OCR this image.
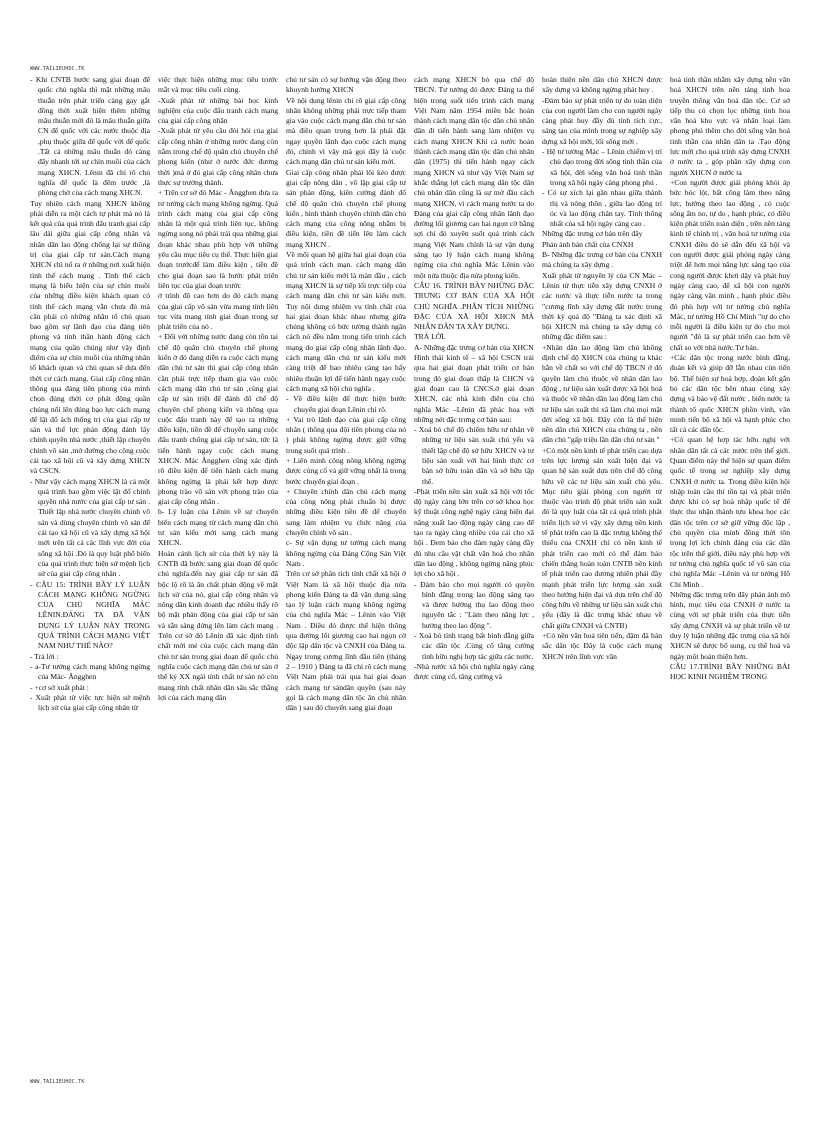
WWW.TAILIEUHOC.TK

- Khi CNTB bước sang giai đoạn đế quốc chủ nghĩa thì mặt những mâu thuẫn trên phát triển càng gay gắt đồng thời xuất hiện thêm những mâu thuẫn mới đó là mâu thuẫn giữa CN đế quốc với các nước thuộc địa ,phụ thuộc giữa đế quốc với đế quốc .Tất cả những mâu thuẫn đó càng đẩy nhanh tới sự chín muồi của cách mạng XHCN. Lênin đã chỉ rõ chủ nghĩa đế quốc là đêm trước ,là phòng chờ của cách mạng XHCN.

Tuy nhiên cách mạng XHCN không phải diễn ra một cách tự phát mà nó là kết quả của quá trình đấu tranh giai cấp lâu dài giữa giai cấp công nhân và nhân dân lao động chống lại sự thống trị của giai cấp tư sản.Cách mạng XHCN chỉ nổ ra ở những nơi xuất hiện tình thế cách mạng . Tình thế cách mạng là biểu hiện của sự chín muồi của những điều kiện khách quan có tính thế cách mạng vẫn chưa đủ mà cần phải có những nhân tố chủ quan bao gồm sự lãnh đạo của đảng tiên phong và tính thần hành động cách mạng của quần chúng như vậy định điểm của sự chín muồi của những nhân tố khách quan và chủ quan sẽ dựa đến thời cơ cách mạng. Giai cấp công nhân thông qua đảng tiên phong của mình chọn đúng thời cơ phát động quần chúng nổi lên đúng bạo lực cách mạng để lật đổ ách thống trị của giai cấp tư sản và thể lực phản động đánh lấy chính quyền nhà nước ,thiết lập chuyên chính vô sản ,mở đường cho công cuộc cải tạo xã hội cũ và xây dựng XHCN và CSCN.

- Như vậy cách mạng XHCN là cả một quá trình bao gồm việc lật đổ chính quyền nhà nước của giai cấp tư sản . Thiết lập nhà nước chuyên chính vô sản và dùng chuyên chính vô sản để cải tạo xã hội cũ và xây dựng xã hội mới trên tất cả các lĩnh vực đời của sống xã hội .Đó là quy luật phổ biến của quá trình thực hiện sứ mệnh lịch sử của giai cấp công nhân .

- CÂU 15: TRÌNH BẦY LÝ LUẬN CÁCH MẠNG KHÔNG NGỪNG CỦA CHỦ NGHĨA MÁC LÊNIN.ĐẢNG TA ĐÃ VẬN DỤNG LÝ LUẬN NÀY TRONG QUÁ TRÌNH CÁCH MẠNG VIỆT NAM NHƯ THẾ NÀO?

- Trả lời :

- a-Tư tưởng cách mạng không ngừng của Mác- Ăngghen

- +cơ sở xuất phát :

- Xuất phát từ việc tực hiện sứ mệnh lịch sử của giai cấp công nhân từ

việc thực hiện những mục tiêu trước mắt và mục tiêu cuối cùng.

-Xuất phát từ những bài học kinh nghiệm của cuộc đấu tranh cách mạng của giai cấp công nhân

-Xuất phát từ yêu cầu đòi hỏi của giai cấp công nhân ở những nước đang còn nằm trong chế độ quân chủ chuyên chế phong kiến (như ở nước đức đương thời )mà ở đó giai cấp công nhân chưa thực sự trưởng thành.

+ Trên cơ sở đó Mác - Ăngghen đưa ra tư tưởng cách mạng không ngừng. Quá trình cách mạng của giai cấp công nhân là một quá trình liên tục, không ngừng song nó phải trải qua những giai đoạn khác nhau phù hợp với những yêu cầu mục tiêu cụ thể. Thực hiện giai đoạn trướcđể làm điều kiện , tiền đề cho giai đoạn sau là bước phát triển liên tục của giai đoạn trước

ở trình độ cao hơn do đó cách mạng của giai cấp vô sản vừa mang tính liên tục vừa mang tính giai đoạn trong sự phát triển của nó .

+ Đối với những nước đang còn tồn tại chế độ quân chủ chuyên chế phong kiến ở đó đang diễn ra cuộc cách mạng dân chủ tư sản thì giai cấp công nhân cần phải trực tiếp tham gia vào cuộc cách mạng dân chủ tư sản ,cùng giai cấp tư sản triệt để đánh đổ chế độ chuyên chế phong kiến và thông qua cuộc đấu tranh này để tạo ra những điều kiện, tiền đề để chuyển sang cuộc đấu tranh chống giai cấp tư sản, tức là tiến hành ngay cuộc cách mạng XHCN. Mác Ăngghen cũng xác định rõ điều kiện để tiến hành cách mạng không ngừng là phải kết hợp được phong trào vô sản với phong trào của giai cấp công nhân .

b- Lý luận của Lênin về sự chuyển biến cách mạng từ cách mạng dân chủ tư sản kiểu mới sang cách mạng XHCN.

Hoàn cảnh lịch sử của thời kỳ này là CNTB đã bước sang giai đoạn đế quốc chủ nghĩa.đến nay giai cấp tư sản đã bộc lộ rõ là ăn chất phản động về mặt lịch sử của nó, giai cấp công nhân và nông dân kinh doanh đạc nhiều thấy rõ bộ mặt phản động của giai cấp tư sản và sẵn sàng đứng lên làm cách mạng . Trên cơ sở đó Lênin đã xác định tính chất mới mẻ của cuộc cách mạng dân chủ tư sản trong giai đoạn đế quốc chủ nghĩa cuộc cách mạng dân chủ tư sản ở thế kỷ XX ngài tính chất tư sản nó còn mang tính chất nhân dân sâu sắc thắng lợi của cách mạng dân

chủ tư sản có sự hướng vận động theo khuynh hướng XHCN

Về nội dung lênin chỉ rõ giai cấp công nhân không những phải trực tiếp tham gia vào cuộc cách mạng dân chủ tư sản mà điều quan trọng hơn là phải đặt ngay quyền lãnh đạo cuộc cách mạng đó, chính vì vậy mà gọi đây là cuộc cách mạng dân chủ tư sản kiểu mới.

Giai cấp công nhân phải lôi kéo được giai cấp nông dân , vô lập giai cấp tư sản phản động, kiên cường đánh đổ chế độ quân chủ chuyên chế phong kiến , hình thành chuyên chính dân chủ cách mạng của công nông nhằm bị điều kiện, tiền đề tiến lên làm cách mạng XHCN .

Về mối quan hệ giữa hai giai đoạn của quá trình cách mạn. cách mạng dân chủ tư sản kiểu mới là màn đầu , cách mạng XHCN là sự tiếp lối trực tiếp của cách mạng dân chủ tư sản kiểu mới. Tuy nội dung nhiệm vụ tính chất của hai giai đoạn khác nhau nhưng giữa chúng không có bức tường thành ngăn cách nó đều nằm trong tiến trình cách mạng do giai cấp công nhân lãnh đạo. cách mạng dân chủ tư sản kiểu mới càng triệt để bao nhiêu càng tạo bấy nhiêu thuận lợi để tiến hành ngay cuộc cách mạng xã hội chủ nghĩa .

- Về điều kiện để thực hiện bước chuyển giai đoạn Lênin chỉ rõ.

+ Vai trò lãnh đạo của giai cấp công nhân ( thông qua đội tiên phong của nó ) phải không ngừng được giữ vững trong suốt quá trình .

+ Liên minh công nông không ngừng được củng cố và giữ vững nhất là trong bước chuyển giai đoạn .

+ Chuyên chính dân chủ cách mạng của công nông phải chuẩn bị được những điều kiện tiền đề để chuyển sang làm nhiệm vụ chức năng của chuyên chính vô sản .

c- Sự vận dụng tư tưởng cách mạng không ngừng của Đảng Cộng Sản Việt Nam .

Trên cơ sở phân tích tính chất xã hội ở Việt Nam là xã hội thuộc địa nửa phong kiến Đảng ta đã vận dụng sáng tạo lý luận cách mạng không ngừng của chủ nghĩa Mác – Lênin vào Việt Nam . Điều đó được thể hiện thông qua đường lối giương cao hai ngọn cờ độc lập dân tộc và CNXH của Đảng ta. Ngay trong cương lĩnh đầu tiên (tháng 2 – 1910 ) Đảng ta đã chỉ rõ cách mạng Việt Nam phải trải qua hai giai đoạn cách mạng tư sảndân quyền (sau này gọi là cách mạng dân tộc ân chủ nhân dân ) sau đó chuyển sang giai đoạn

cách mạng XHCN bỏ qua chế độ TBCN. Tư tưởng đó được Đảng ta thể hiện trong suốt tiến trình cách mạng Việt Nam năm 1954 miền bắc hoàn thành cách mạng dân tộc dân chủ nhân dân đi tiến hành sang làm nhiệm vụ cách mạng XHCN Khi cả nước hoàn thành cách mạng dân tộc dân chủ nhân dân (1975) thì tiến hành ngay cách mạng XHCN và như vậy Việt Nam sự khắc thắng lợi cách mạng dân tộc dân chủ nhân dân cũng là sự mở đầu cách mạng XHCN, vì cách mạng nước ta do Đảng của giai cấp công nhân lãnh đạo đường lối giương cao hai ngọn cờ bằng sợi chỉ đỏ xuyên suốt quá trình cách mạng Việt Nam chính là sự vận dụng sáng tạo lý luận cách mạng không ngừng của chủ nghĩa Mác Lênin vào một nửa thuộc địa nửa phong kiến.

CÂU 16. TRÌNH BÀY NHỮNG ĐẶC TRƯNG CƠ BẢN CỦA XÃ HỘI CHỦ NGHĨA .PHÂN TÍCH NHỮNG ĐẶC CỦA XÃ HỘI XHCN MÀ NHÂN DÂN TA XÂY DỰNG.

TRẢ LỜI.

A- Những đặc trưng cơ bản của XHCN

Hình thái kinh tế – xã hội CSCN trải qua hai giai đoạn phát triển cơ bản trong đó giai đoạn thấp là CHCN và giai đoạn cao là CNCS.ở giai đoạn XHCN, các nhà kinh điển của chủ nghĩa Mác –Lênin đã phác hoạ với những nét đặc trưng cơ bản sau:

- Xoá bỏ chế độ chiếm hữu tư nhân về những tư liệu sản xuất chủ yếu và thiết lập chế độ sở hữu XHCN và tư liệu sản xuất với hai hình thức cơ bản sở hữu toàn dân và sở hữu tập thể.

-Phát triển nền sản xuất xã hội với tốc độ ngày càng lớn trên cơ sở khoa học kỹ thuật công nghệ ngày càng hiện đại năng xuất lao động ngày càng cao để tạo ra ngày càng nhiều của cải cho xã hội . Đem bảo cho đảm ngày càng đầy đủ nhu cầu vật chất văn hoá cho nhân dân lao động , không ngừng nâng phúc lợi cho xã hội .

- Đảm bảo cho mọi người có quyền bình đẳng trong lao động sáng tạo và được hưởng thụ lao động theo nguyên tắc : "Làm theo năng lực , hưởng theo lao động ".

- Xoá bỏ tình trạng bất bình đẳng giữa các dân tộc .Củng cố tăng cường tình hữu nghị hợp tác giữa các nước.

-Nhà nước xã hội chủ nghĩa ngày càng được củng cố, tăng cường và

hoàn thiện nền dân chủ XHCN được xây dựng và không ngừng phát huy .

-Đảm bảo sự phát triển tự do toàn diện của con người làm cho con người ngày càng phát huy đầy đủ tính tích cực, sáng tạo của mình trong sự nghiệp xây dựng xã hội mới, lối sống mới .

- Hệ tư tưởng Mác – Lênin chiếm vị trí chủ đạo trong đời sống tinh thần của xã hội, đời sống văn hoá tinh thần trong xã hội ngày càng phong phú .

- Có sự xích lại gần nhau giữa thành thị và nông thôn , giữa lao động trí óc và lao động chân tay. Tính thống nhất của xã hội ngày càng cao .

Những đặc trưng cơ bản trên đây

Phản ánh bản chất của CNXH

B- Những đặc trưng cơ bản của CNXH mà chúng ta xây dựng .

Xuất phát từ nguyên lý của CN Mác – Lênin từ thực tiễn xây dựng CNXH ở các nước và thực tiễn nước ta trong "cương lĩnh xây dựng đất nước trong thời kỳ quá độ "Đảng ta xác định xã hội XHCN mà chúng ta xây dựng có những đặc điểm sau :

+Nhân dân lao động làm chủ không định chế độ XHCN của chúng ta khác hẳn về chất so với chế độ TBCN ở đó quyền làm chủ thuộc về nhân dân lao động , tư liệu sản xuất được xã hội hoá và thuộc về nhân dân lao động làm chủ tư liệu sản xuất thì xã làm chủ mọi mặt đời sống xã hội. Đây còn là thể hiện nền dân chủ XHCN của chúng ta , nền dân chủ "gấp triệu lần dân chủ tư sản "

+Có một nền kinh tế phát triển cao dựa trên lực lượng sản xuất hiện đại và quan hệ sản xuất dựa trên chế độ công hữu về các tư liệu sản xuất chủ yếu. Mục tiêu giải phóng con người từ thuộc vào trình độ phát triển sản xuất đó là quy luật của tất cả quá trình phát triển lịch sử vì vậy xây dựng nền kinh tế phát triển cao là đặc trưng không thể thiếu của CNXH chỉ có nền kinh tế phát triển cao mới có thể đảm bảo chiến thắng hoàn toàn CNTB nền kinh tế phát triển cao đương nhiên phải đầy mạnh phát triển lực lượng sản xuất theo hướng hiện đại và dựa trên chế độ công hữu về những tư liệu sản xuất chủ yếu (đây là đặc trưng khác nhau về chất giữa CNXH và CNTB)

+Có nền văn hoá tiên tiến, đậm đà bản sắc dân tộc Đây là cuộc cách mạng XHCN trên lĩnh vực văn

hoá tinh thần nhằm xây dựng nền văn hoá XHCN trên nền tảng tinh hoa truyền thống văn hoá dân tộc. Cơ sở tiếp thu có chọn lọc những tinh hoa văn hoá khu vực và nhân loại làm phong phú thêm cho đời sống văn hoá tinh thần của nhân dân ta .Tạo động lực mới cho quá trình xây dựng CNXH ở nước ta , góp phần xây dựng con người XHCN ở nước ta

+Con người được giải phóng khỏi áp bức bóc lột, bất công làm theo năng lực, hưởng theo lao động , có cuộc sống ấm no, tự do , hạnh phúc, có điều kiện phát triển toàn diện , trên nền tảng kinh tế chính trị , văn hoá tư tưởng của CNXH điều đó sẽ dẫn đến xã hội và con người được giải phóng ngày càng triệt để hơn mọi năng lực sáng tạo của cong người được khơi dậy và phát huy ngày càng cao, để xã hội con người ngày càng văn minh , hạnh phúc điều đó phù hợp với tư tưởng chủ nghĩa Mác, tư tưởng Hồ Chí Minh "tự do cho mỗi người là điều kiện tự do cho mọi người "đó là sự phát triển cao hơn về chất so với nhà nước.Tư bản.

+Các dân tộc trong nước bình đẳng, đoàn kết và giúp đỡ lẫn nhau cùn tiến bộ. Thể hiện sự hoà hợp, đoàn kết gắn bó các dân tộc bên nhau cùng xây dựng và bảo vệ đất nước , biến nước ta thành tổ quốc XHCN phồn vinh, văn minh tiến bộ xã hội và hạnh phúc cho tất cả các dân tộc.

+Có quan hệ hợp tác hữu nghị với nhân dân tất cả các nước trên thế giới. Quan điểm này thể hiện sự quan điểm quốc tế trong sự nghiệp xây dựng CNXH ở nước ta. Trong điều kiện hội nhập toàn cầu thì tồn tại và phát triển được khi có sự hoà nhập quốc tế để thực thu nhận thành tựu khoa học các dân tộc trên cơ sở giữ vững độc lập , chủ quyền của mình đồng thời tôn trọng lợi ích chính đáng của các dân tộc trên thế giới, điều này phù hợp với tư tưởng chủ nghĩa quốc tế vô sản của chủ nghĩa Mác –Lênin và tư tưởng Hồ Chí Minh .

Những đặc trưng trên đây phản ánh mô hình, mục tiêu của CNXH ở nước ta cùng với sự phát triển của thực tiễn xây dựng CNXH và sự phát triển về tư duy lý luận những đặc trưng của xã hội XHCN sẽ được bổ sung, cụ thể hoá và ngày một hoàn thiện hơn.

CÂU 17.TRÌNH BẦY NHỮNG BÀI HỌC KINH NGHIỆM TRONG

WWW.TAILIEUHOC.TK
